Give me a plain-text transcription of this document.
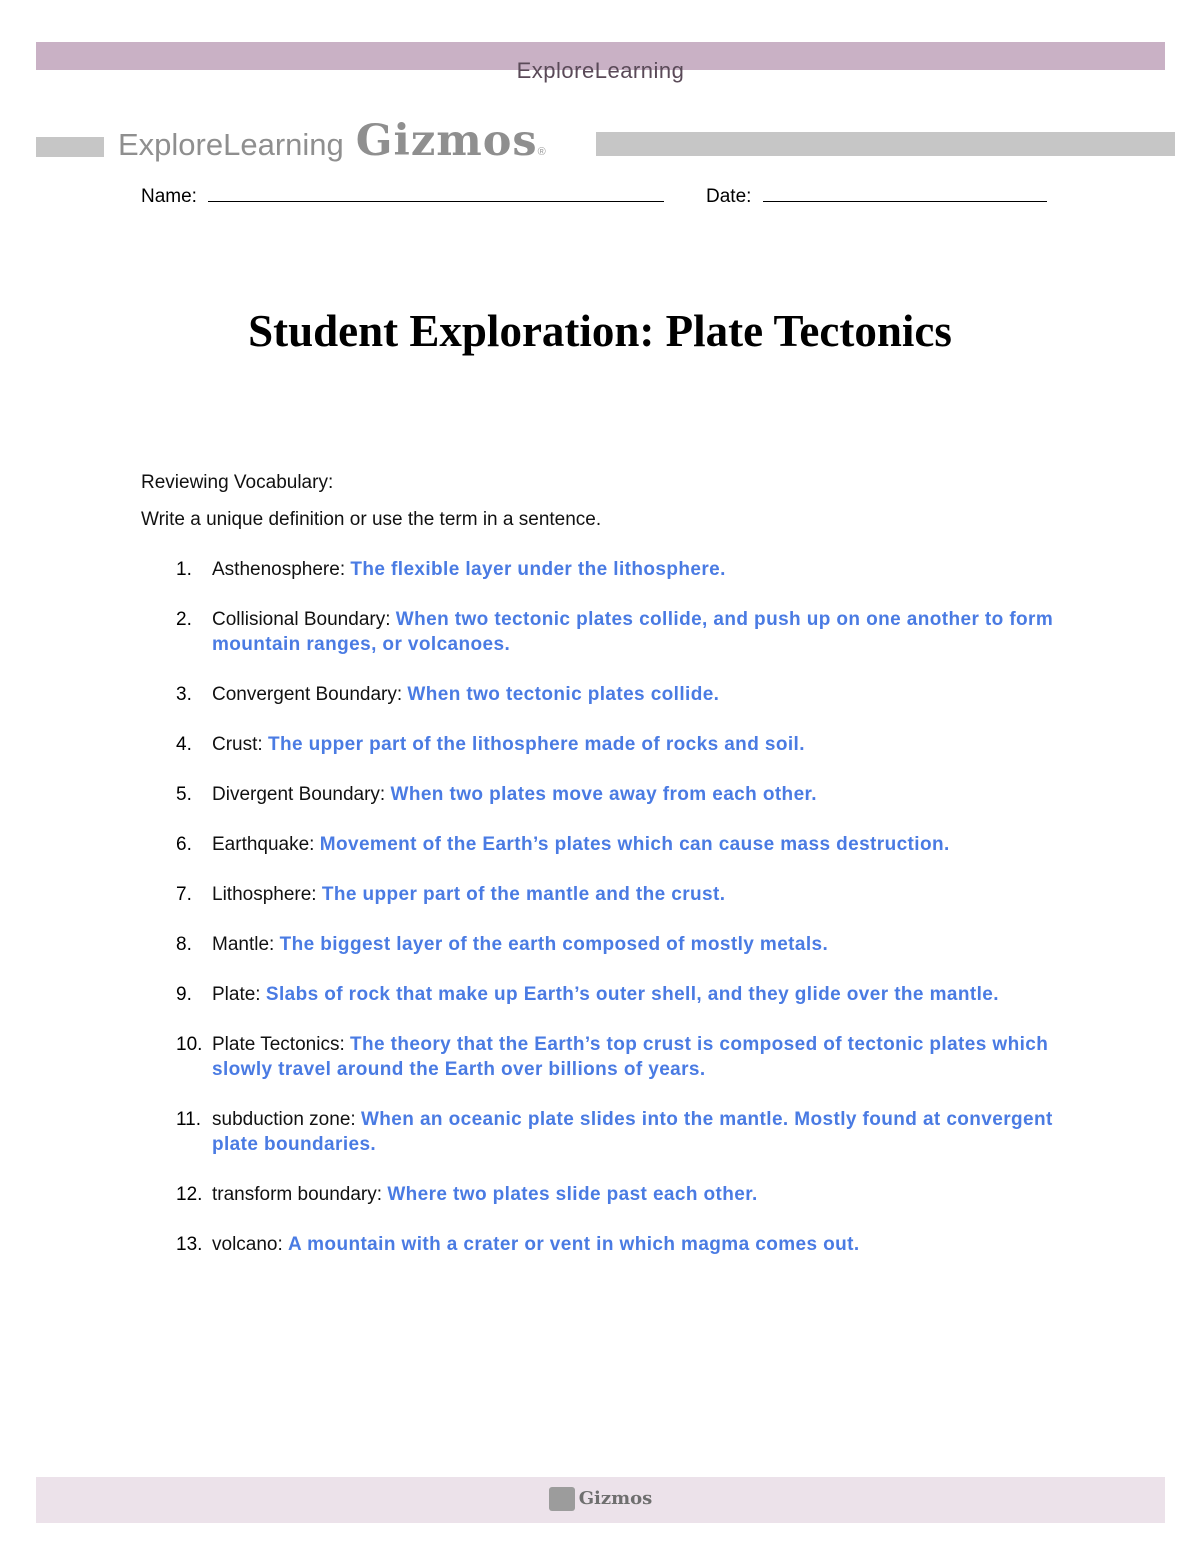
ExploreLearning
ExploreLearning Gizmos ®
Name:	Date:
Student Exploration: Plate Tectonics
Reviewing Vocabulary:
Write a unique definition or use the term in a sentence.
1. Asthenosphere: The flexible layer under the lithosphere.
2. Collisional Boundary: When two tectonic plates collide, and push up on one another to form mountain ranges, or volcanoes.
3. Convergent Boundary: When two tectonic plates collide.
4. Crust: The upper part of the lithosphere made of rocks and soil.
5. Divergent Boundary: When two plates move away from each other.
6. Earthquake: Movement of the Earth’s plates which can cause mass destruction.
7. Lithosphere: The upper part of the mantle and the crust.
8. Mantle: The biggest layer of the earth composed of mostly metals.
9. Plate: Slabs of rock that make up Earth’s outer shell, and they glide over the mantle.
10. Plate Tectonics: The theory that the Earth’s top crust is composed of tectonic plates which slowly travel around the Earth over billions of years.
11. subduction zone: When an oceanic plate slides into the mantle. Mostly found at convergent plate boundaries.
12. transform boundary: Where two plates slide past each other.
13. volcano: A mountain with a crater or vent in which magma comes out.
Gizmos
